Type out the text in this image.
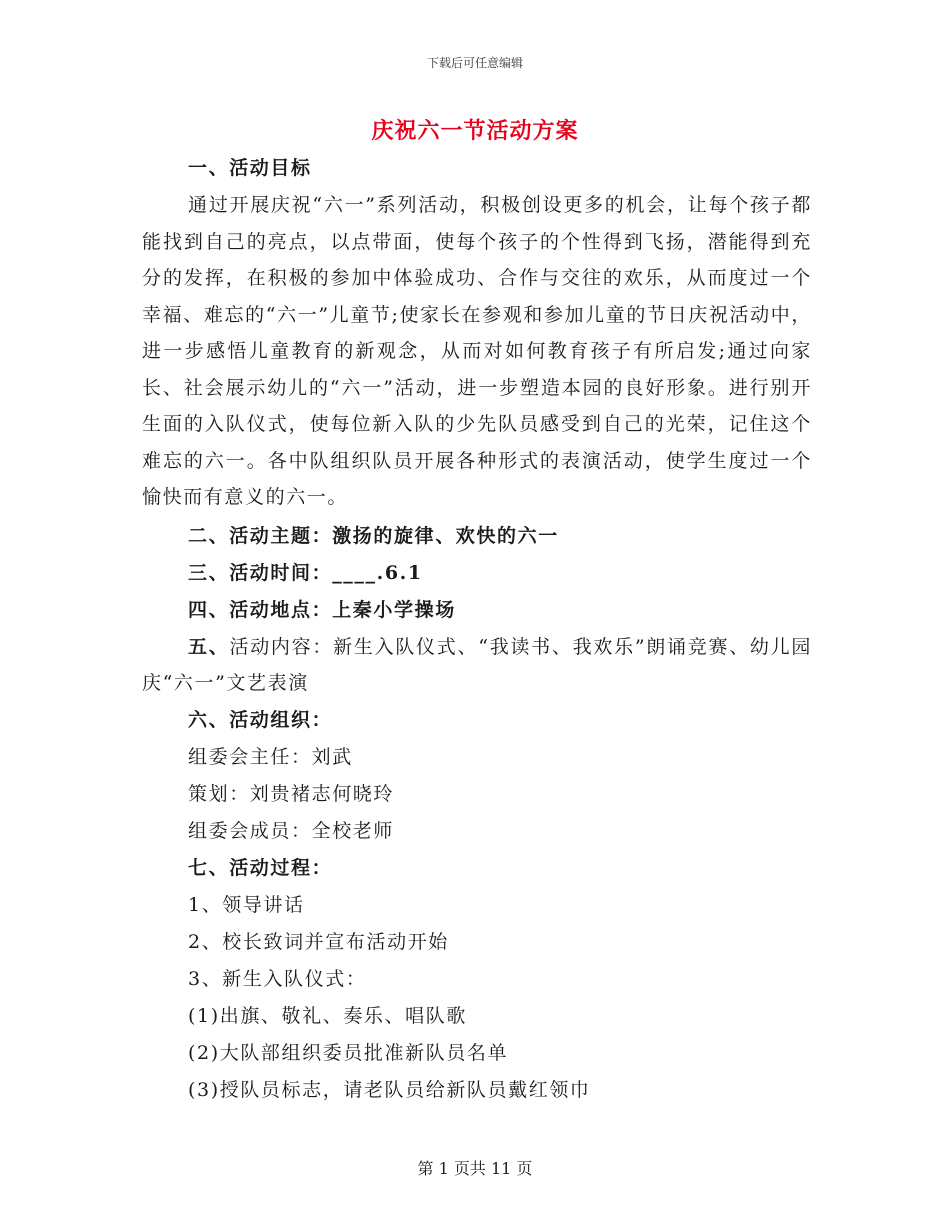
下载后可任意编辑
庆祝六一节活动方案
一、活动目标

通过开展庆祝“六一”系列活动，积极创设更多的机会，让每个孩子都能找到自己的亮点，以点带面，使每个孩子的个性得到飞扬，潜能得到充分的发挥，在积极的参加中体验成功、合作与交往的欢乐，从而度过一个幸福、难忘的“六一”儿童节;使家长在参观和参加儿童的节日庆祝活动中，进一步感悟儿童教育的新观念，从而对如何教育孩子有所启发;通过向家长、社会展示幼儿的“六一”活动，进一步塑造本园的良好形象。进行别开生面的入队仪式，使每位新入队的少先队员感受到自己的光荣，记住这个难忘的六一。各中队组织队员开展各种形式的表演活动，使学生度过一个愉快而有意义的六一。

二、活动主题：激扬的旋律、欢快的六一
三、活动时间：____.6.1
四、活动地点：上秦小学操场

五、活动内容：新生入队仪式、“我读书、我欢乐”朗诵竞赛、幼儿园庆“六一”文艺表演

六、活动组织：
组委会主任：刘武
策划：刘贵褚志何晓玲
组委会成员：全校老师
七、活动过程：
1、领导讲话
2、校长致词并宣布活动开始
3、新生入队仪式：
(1)出旗、敬礼、奏乐、唱队歌
(2)大队部组织委员批准新队员名单
(3)授队员标志，请老队员给新队员戴红领巾
第 1 页共 11 页
